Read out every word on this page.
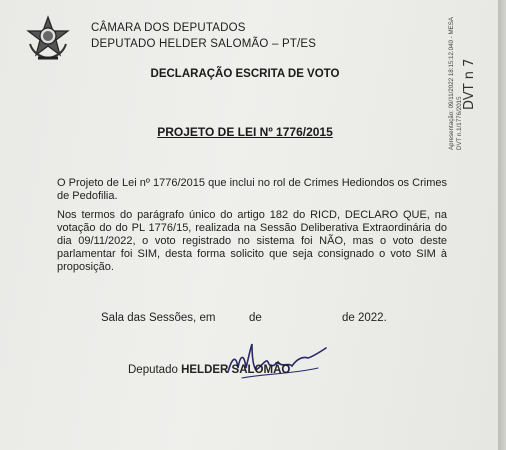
CÂMARA DOS DEPUTADOS
DEPUTADO HELDER SALOMÃO – PT/ES	Apresentação: 09/11/2022 18:15:12.040 - MESA DVT n.1/1776/2015
DVT n 7
DECLARAÇÃO ESCRITA DE VOTO
PROJETO DE LEI Nº 1776/2015

O Projeto de Lei nº 1776/2015 que inclui no rol de Crimes Hediondos os Crimes de Pedofilia.

Nos termos do parágrafo único do artigo 182 do RICD, DECLARO QUE, na votação do do PL 1776/15, realizada na Sessão Deliberativa Extraordinária do dia 09/11/2022, o voto registrado no sistema foi NÃO, mas o voto deste parlamentar foi SIM, desta forma solicito que seja consignado o voto SIM à proposição.

Sala das Sessões, em	de	de 2022.
Deputado HELDER SALOMÃO
